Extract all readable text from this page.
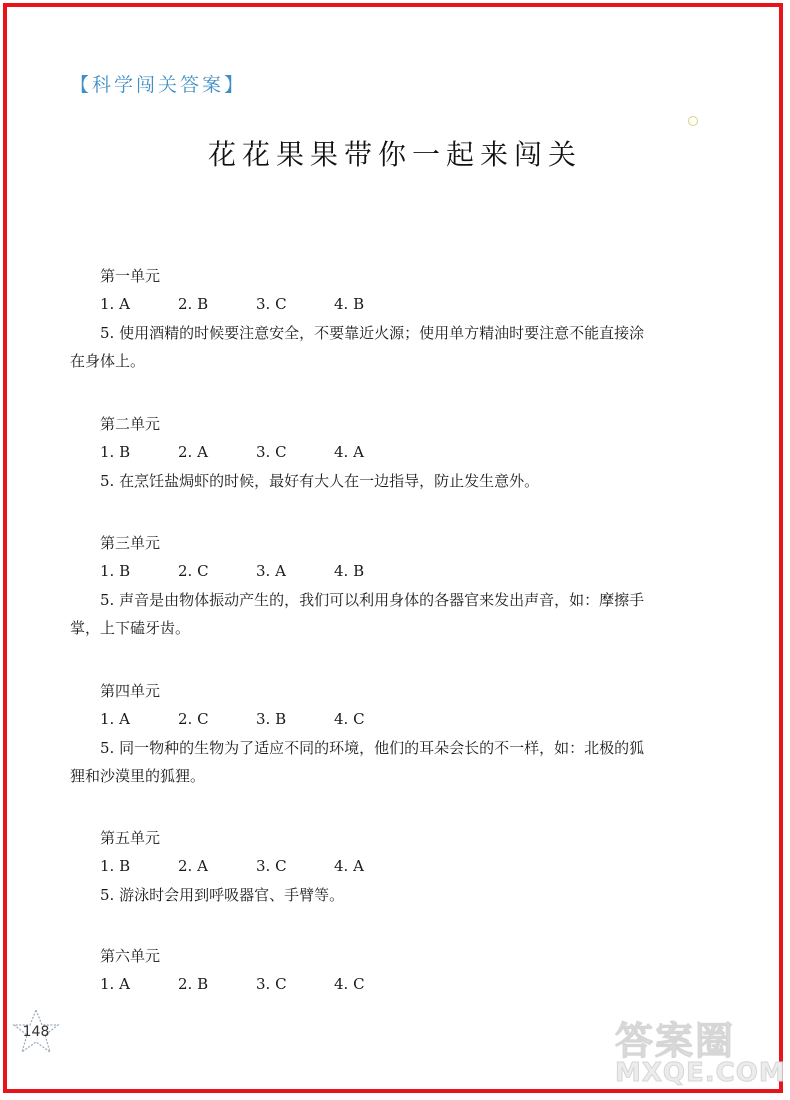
【科学闯关答案】
花花果果带你一起来闯关
第一单元
1. A	2. B	3. C	4. B
5. 使用酒精的时候要注意安全，不要靠近火源；使用单方精油时要注意不能直接涂
在身体上。
第二单元
1. B	2. A	3. C	4. A
5. 在烹饪盐焗虾的时候，最好有大人在一边指导，防止发生意外。
第三单元
1. B	2. C	3. A	4. B
5. 声音是由物体振动产生的，我们可以利用身体的各器官来发出声音，如：摩擦手
掌，上下磕牙齿。
第四单元
1. A	2. C	3. B	4. C
5. 同一物种的生物为了适应不同的环境，他们的耳朵会长的不一样，如：北极的狐
狸和沙漠里的狐狸。
第五单元
1. B	2. A	3. C	4. A
5. 游泳时会用到呼吸器官、手臂等。
第六单元
1. A	2. B	3. C	4. C
148	答案圈
MXQE.COM
